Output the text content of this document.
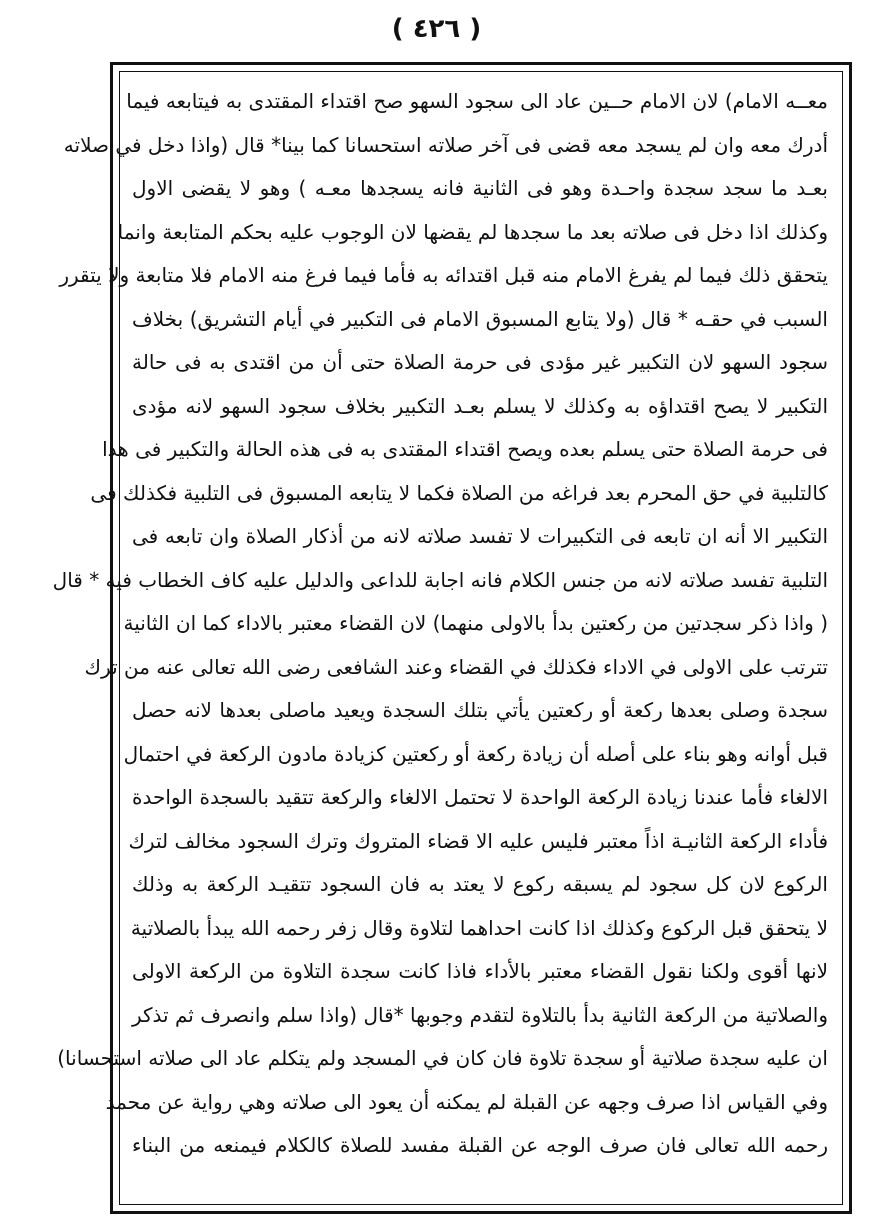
( ٤٢٦ )
معــه الامام) لان الامام حــين عاد الى سجود السهو صح اقتداء المقتدى به فيتابعه فيما
أدرك معه وان لم يسجد معه قضى فى آخر صلاته استحسانا كما بينا* قال (واذا دخل في صلاته
بعـد ما سجد سجدة واحـدة وهو فى الثانية فانه يسجدها معـه ) وهو لا يقضى الاول
وكذلك اذا دخل فى صلاته بعد ما سجدها لم يقضها لان الوجوب عليه بحكم المتابعة وانما
يتحقق ذلك فيما لم يفرغ الامام منه قبل اقتدائه به فأما فيما فرغ منه الامام فلا متابعة ولا يتقرر
السبب في حقـه * قال (ولا يتابع المسبوق الامام فى التكبير في أيام التشريق) بخلاف
سجود السهو لان التكبير غير مؤدى فى حرمة الصلاة حتى أن من اقتدى به فى حالة
التكبير لا يصح اقتداؤه به وكذلك لا يسلم بعـد التكبير بخلاف سجود السهو لانه مؤدى
فى حرمة الصلاة حتى يسلم بعده ويصح اقتداء المقتدى به فى هذه الحالة والتكبير فى هذا
كالتلبية في حق المحرم بعد فراغه من الصلاة فكما لا يتابعه المسبوق فى التلبية فكذلك فى
التكبير الا أنه ان تابعه فى التكبيرات لا تفسد صلاته لانه من أذكار الصلاة وان تابعه فى
التلبية تفسد صلاته لانه من جنس الكلام فانه اجابة للداعى والدليل عليه كاف الخطاب فيه * قال
( واذا ذكر سجدتين من ركعتين بدأ بالاولى منهما) لان القضاء معتبر بالاداء كما ان الثانية
تترتب على الاولى في الاداء فكذلك في القضاء وعند الشافعى رضى الله تعالى عنه من ترك
سجدة وصلى بعدها ركعة أو ركعتين يأتي بتلك السجدة ويعيد ماصلى بعدها لانه حصل
قبل أوانه وهو بناء على أصله أن زيادة ركعة أو ركعتين كزيادة مادون الركعة في احتمال
الالغاء فأما عندنا زيادة الركعة الواحدة لا تحتمل الالغاء والركعة تتقيد بالسجدة الواحدة
فأداء الركعة الثانيـة اذاً معتبر فليس عليه الا قضاء المتروك وترك السجود مخالف لترك
الركوع لان كل سجود لم يسبقه ركوع لا يعتد به فان السجود تتقيـد الركعة به وذلك
لا يتحقق قبل الركوع وكذلك اذا كانت احداهما لتلاوة وقال زفر رحمه الله يبدأ بالصلاتية
لانها أقوى ولكنا نقول القضاء معتبر بالأداء فاذا كانت سجدة التلاوة من الركعة الاولى
والصلاتية من الركعة الثانية بدأ بالتلاوة لتقدم وجوبها *قال (واذا سلم وانصرف ثم تذكر
ان عليه سجدة صلاتية أو سجدة تلاوة فان كان في المسجد ولم يتكلم عاد الى صلاته استحسانا)
وفي القياس اذا صرف وجهه عن القبلة لم يمكنه أن يعود الى صلاته وهي رواية عن محمد
رحمه الله تعالى فان صرف الوجه عن القبلة مفسد للصلاة كالكلام فيمنعه من البناء
